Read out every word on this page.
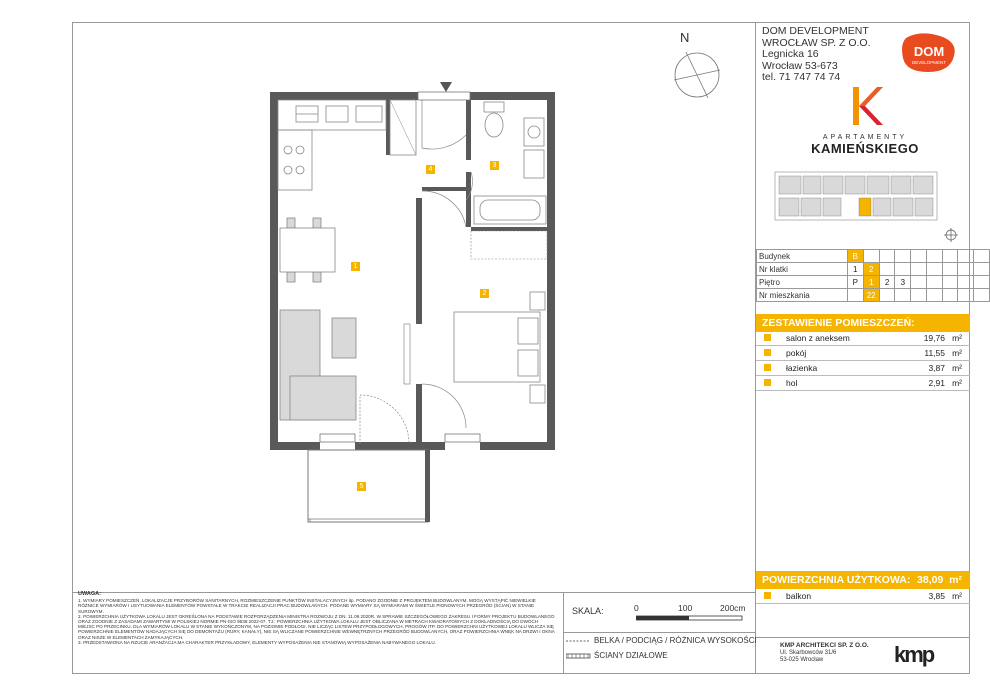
DOM DEVELOPMENT
WROCŁAW SP. Z O.O.
Legnicka 16
Wrocław 53-673
tel. 71 747 74 74
DOM
DEVELOPMENT
APARTAMENTY
KAMIEŃSKIEGO
Budynek	B								
Nr klatki	1	2							
Piętro	P	1	2	3					
Nr mieszkania		22							
ZESTAWIENIE POMIESZCZEŃ:
salon z aneksem	19,76 m²
pokój	11,55 m²
łazienka	3,87 m²
hol	2,91 m²
POWIERZCHNIA UŻYTKOWA: 38,09 m²
balkon	3,85 m²
UWAGA:
1. WYMIARY POMIESZCZEŃ, LOKALIZACJE PRZYBORÓW SANITARNYCH, ROZMIESZCZENIE PUNKTÓW INSTALACYJNYCH itp. PODANO ZGODNIE Z PROJEKTEM BUDOWLANYM. MOGĄ WYSTĄPIĆ NIEWIELKIE RÓŻNICE WYMIARÓW I USYTUOWANIA ELEMENTÓW POWSTAŁE W TRAKCIE REALIZACJI PRAC BUDOWLANYCH. PODANE WYMIARY SĄ WYMIARAMI W ŚWIETLE PIONOWYCH PRZEGRÓD (ŚCIAN) W STANIE SUROWYM.
2. POWIERZCHNIA UŻYTKOWA LOKALU JEST OKREŚLONA NA PODSTAWIE ROZPORZĄDZENIA MINISTRA ROZWOJU Z DN. 11.09.2020R. W SPRAWIE SZCZEGÓŁOWEGO ZAKRESU I FORMY PROJEKTU BUDOWLANEGO ORAZ ZGODNIE Z ZASADAMI ZAWARTYMI W POLSKIEJ NORMIE PN-ISO 9836:2022-07. TJ.: POWIERZCHNIA UŻYTKOWA LOKALU JEST OBLICZANA W METRACH KWADRATOWYCH Z DOKŁADNOŚCIĄ DO DWÓCH MIEJSC PO PRZECINKU. DLA WYMIARÓW LOKALU W STANIE WYKOŃCZONYM, NA POZIOMIE PODŁOGI, NIE LICZĄC LISTEW PRZYPODŁOGOWYCH, PROGÓW ITP. DO POWIERZCHNI UŻYTKOWEJ LOKALU WLICZA SIĘ POWIERZCHNIE ELEMENTÓW NADAJĄCYCH SIĘ DO DEMONTAŻU (RURY, KANAŁY), NIE SĄ WLICZANE POWIERZCHNIE WEWNĘTRZNYCH PRZEGRÓD BUDOWLANYCH, ORAZ POWIERZCHNIA WNĘK NA DRZWI I OKNA ORAZ NISZE W ELEMENTACH ZAMYKAJĄCYCH.
3. PRZEDSTAWIONA NA RZUCIE ARANŻACJA MA CHARAKTER PRZYKŁADOWY, ELEMENTY WYPOSAŻENIA NIE STANOWIĄ WYPOSAŻENIA NABYWANEGO LOKALU.
SKALA:	0	100	200cm
BELKA / PODCIĄG / RÓŻNICA WYSOKOŚCI
ŚCIANY DZIAŁOWE
KMP ARCHITEKCI SP. Z O.O.
Ul. Skarbowców 31/6
53-025 Wrocław	kmp
N
1
2
3
4
5
